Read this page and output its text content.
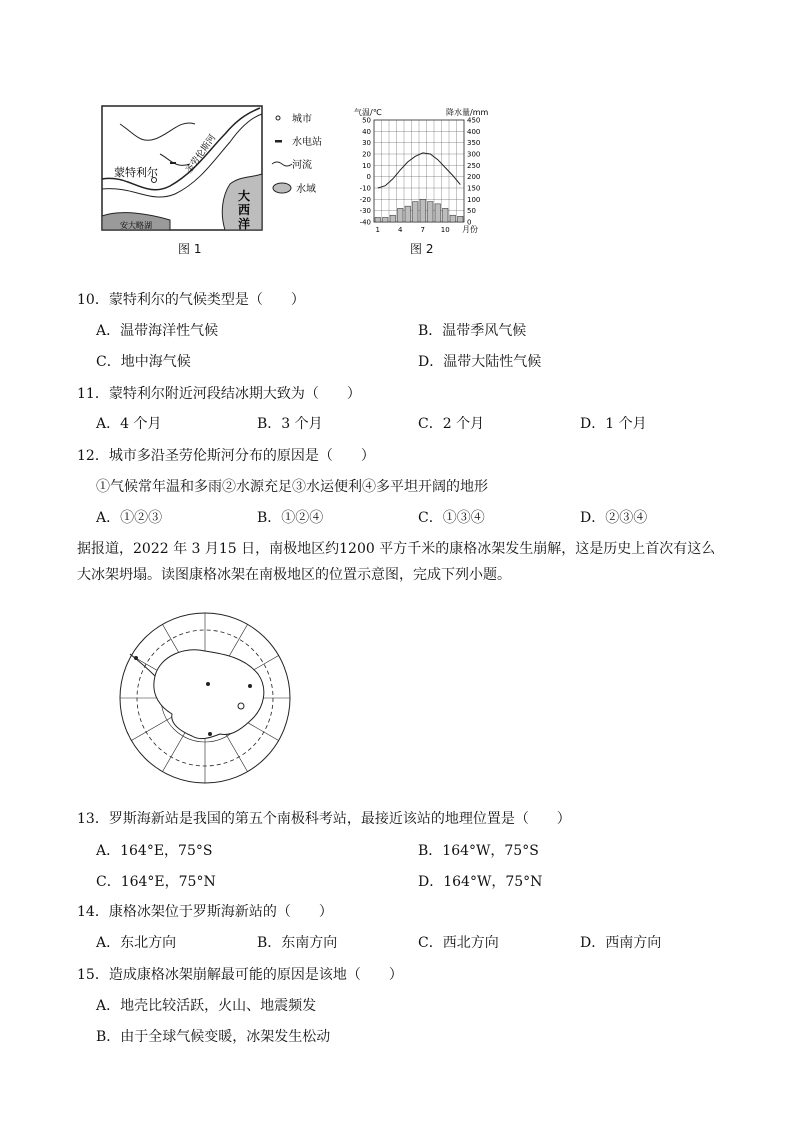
蒙特利尔
大西洋
圣劳伦斯河
安大略湖
城市
水电站
河流
水域
图 1
气温/℃	降水量/mm
50
40
30
20
10
0
-10
-20
-30
-40
450
400
350
300
250
200
150
100
50
0
1	4	7 10 月份
图 2
10．蒙特利尔的气候类型是（　　）
A．温带海洋性气候	B．温带季风气候
C．地中海气候	D．温带大陆性气候
11．蒙特利尔附近河段结冰期大致为（　　）
A．4 个月	B．3 个月	C．2 个月	D．1 个月
12．城市多沿圣劳伦斯河分布的原因是（　　）
①气候常年温和多雨②水源充足③水运便利④多平坦开阔的地形
A．①②③	B．①②④	C．①③④	D．②③④
据报道，2022 年 3 月15 日，南极地区约1200 平方千米的康格冰架发生崩解，这是历史上首次有这么大冰架坍塌。读图康格冰架在南极地区的位置示意图，完成下列小题。
13．罗斯海新站是我国的第五个南极科考站，最接近该站的地理位置是（　　）
A．164°E，75°S	B．164°W，75°S
C．164°E，75°N	D．164°W，75°N
14．康格冰架位于罗斯海新站的（　　）
A．东北方向	B．东南方向	C．西北方向	D．西南方向
15．造成康格冰架崩解最可能的原因是该地（　　）
A．地壳比较活跃，火山、地震频发
B．由于全球气候变暖，冰架发生松动
